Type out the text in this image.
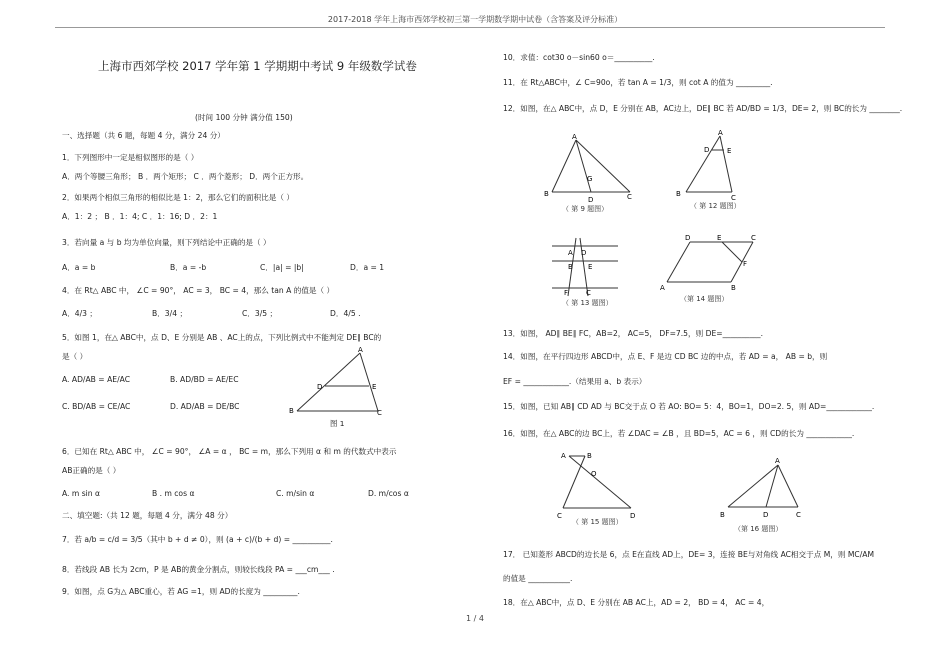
2017-2018 学年上海市西郊学校初三第一学期数学期中试卷（含答案及评分标准）
上海市西郊学校 2017 学年第 1 学期期中考试 9 年级数学试卷
(时间 100 分钟 满分值 150)
一、选择题（共 6 题，每题 4 分，满分 24 分）
1．下列图形中一定是相似图形的是（ ）
A．两个等腰三角形； B ．两个矩形； C ．两个菱形； D．两个正方形。
2．如果两个相似三角形的相似比是 1：2，那么它们的面积比是（ ）
A．1：2 ； B ．1：4; C ．1：16; D ．2：1
3．若向量 a 与 b 均为单位向量，则下列结论中正确的是（ ）
A．a = b	B．a = -b	C．|a| = |b|	D．a = 1
4．在 Rt△ ABC 中， ∠C = 90°， AC = 3， BC = 4，那么 tan A 的值是（ ）
A．4/3 ；	B．3/4 ；	C．3/5 ；	D．4/5 .
5．如图 1，在△ ABC中，点 D、E 分别是 AB 、AC上的点，下列比例式中不能判定 DE∥ BC的
是（ ）
A. AD/AB = AE/AC	B. AD/BD = AE/EC
C. BD/AB = CE/AC	D. AD/AB = DE/BC
A
D	E
B	C
图 1
6．已知在 Rt△ ABC 中， ∠C = 90°， ∠A = α ， BC = m，那么下列用 α 和 m 的代数式中表示
AB正确的是（ ）
A. m sin α	B . m cos α	C. m/sin α	D. m/cos α
二、填空题:（共 12 题，每题 4 分，满分 48 分）
7．若 a/b = c/d = 3/5（其中 b + d ≠ 0），则 (a + c)/(b + d) = __________.
8．若线段 AB 长为 2cm，P 是 AB的黄金分割点，则较长线段 PA = ___cm___ .
9．如图，点 G为△ ABC重心，若 AG =1，则 AD的长度为 _________.
10．求值：cot30 o－sin60 o＝__________.
11．在 Rt△ABC中，∠ C=90o，若 tan A = 1/3，则 cot A 的值为 _________.
12．如图，在△ ABC中，点 D，E 分别在 AB，AC边上，DE∥ BC 若 AD/BD = 1/3，DE= 2，则 BC的长为 ________.
A
G
B
D	C
（ 第 9 题图）
A
D	E
B	C
（ 第 12 题图）
A D
B E
F	C
（ 第 13 题图）
D	E	C
F
A	B
（第 14 题图）
13．如图， AD∥ BE∥ FC，AB=2， AC=5， DF=7.5，则 DE=__________.
14．如图，在平行四边形 ABCD中，点 E、F 是边 CD BC 边的中点，若 AD = a， AB = b，则
EF = ____________.（结果用 a、b 表示）
15．如图，已知 AB∥ CD AD 与 BC交于点 O 若 AO: BO= 5：4，BO=1，DO=2. 5，则 AD=____________.
16．如图，在△ ABC的边 BC上，若 ∠DAC = ∠B ，且 BD=5，AC = 6 ，则 CD的长为 ____________.
A	B
O
C	D
（ 第 15 题图）
A
B	D	C
（第 16 题图）
17． 已知菱形 ABCD的边长是 6，点 E在直线 AD上，DE= 3，连接 BE与对角线 AC相交于点 M，则 MC/AM
的值是 ___________.
18．在△ ABC中，点 D、E 分别在 AB AC上，AD = 2， BD = 4， AC = 4，
1 / 4
